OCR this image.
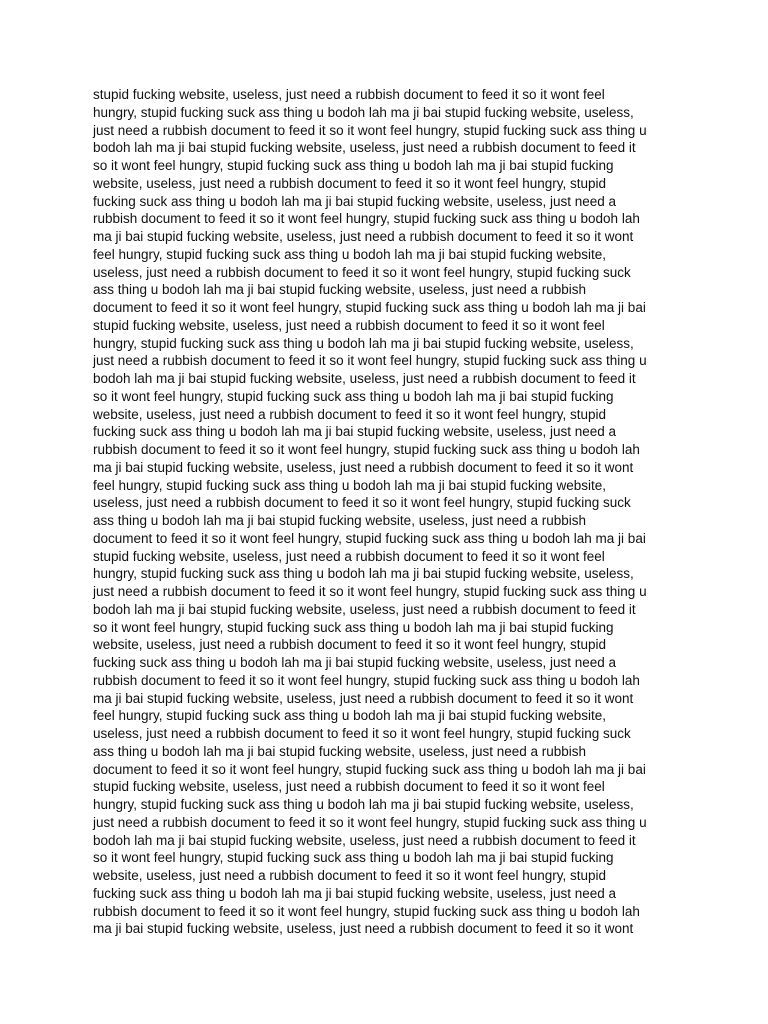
stupid fucking website, useless, just need a rubbish document to feed it so it wont feel
hungry, stupid fucking suck ass thing u bodoh lah ma ji bai stupid fucking website, useless,
just need a rubbish document to feed it so it wont feel hungry, stupid fucking suck ass thing u
bodoh lah ma ji bai stupid fucking website, useless, just need a rubbish document to feed it
so it wont feel hungry, stupid fucking suck ass thing u bodoh lah ma ji bai stupid fucking
website, useless, just need a rubbish document to feed it so it wont feel hungry, stupid
fucking suck ass thing u bodoh lah ma ji bai stupid fucking website, useless, just need a
rubbish document to feed it so it wont feel hungry, stupid fucking suck ass thing u bodoh lah
ma ji bai stupid fucking website, useless, just need a rubbish document to feed it so it wont
feel hungry, stupid fucking suck ass thing u bodoh lah ma ji bai stupid fucking website,
useless, just need a rubbish document to feed it so it wont feel hungry, stupid fucking suck
ass thing u bodoh lah ma ji bai stupid fucking website, useless, just need a rubbish
document to feed it so it wont feel hungry, stupid fucking suck ass thing u bodoh lah ma ji bai
stupid fucking website, useless, just need a rubbish document to feed it so it wont feel
hungry, stupid fucking suck ass thing u bodoh lah ma ji bai stupid fucking website, useless,
just need a rubbish document to feed it so it wont feel hungry, stupid fucking suck ass thing u
bodoh lah ma ji bai stupid fucking website, useless, just need a rubbish document to feed it
so it wont feel hungry, stupid fucking suck ass thing u bodoh lah ma ji bai stupid fucking
website, useless, just need a rubbish document to feed it so it wont feel hungry, stupid
fucking suck ass thing u bodoh lah ma ji bai stupid fucking website, useless, just need a
rubbish document to feed it so it wont feel hungry, stupid fucking suck ass thing u bodoh lah
ma ji bai stupid fucking website, useless, just need a rubbish document to feed it so it wont
feel hungry, stupid fucking suck ass thing u bodoh lah ma ji bai stupid fucking website,
useless, just need a rubbish document to feed it so it wont feel hungry, stupid fucking suck
ass thing u bodoh lah ma ji bai stupid fucking website, useless, just need a rubbish
document to feed it so it wont feel hungry, stupid fucking suck ass thing u bodoh lah ma ji bai
stupid fucking website, useless, just need a rubbish document to feed it so it wont feel
hungry, stupid fucking suck ass thing u bodoh lah ma ji bai stupid fucking website, useless,
just need a rubbish document to feed it so it wont feel hungry, stupid fucking suck ass thing u
bodoh lah ma ji bai stupid fucking website, useless, just need a rubbish document to feed it
so it wont feel hungry, stupid fucking suck ass thing u bodoh lah ma ji bai stupid fucking
website, useless, just need a rubbish document to feed it so it wont feel hungry, stupid
fucking suck ass thing u bodoh lah ma ji bai stupid fucking website, useless, just need a
rubbish document to feed it so it wont feel hungry, stupid fucking suck ass thing u bodoh lah
ma ji bai stupid fucking website, useless, just need a rubbish document to feed it so it wont
feel hungry, stupid fucking suck ass thing u bodoh lah ma ji bai stupid fucking website,
useless, just need a rubbish document to feed it so it wont feel hungry, stupid fucking suck
ass thing u bodoh lah ma ji bai stupid fucking website, useless, just need a rubbish
document to feed it so it wont feel hungry, stupid fucking suck ass thing u bodoh lah ma ji bai
stupid fucking website, useless, just need a rubbish document to feed it so it wont feel
hungry, stupid fucking suck ass thing u bodoh lah ma ji bai stupid fucking website, useless,
just need a rubbish document to feed it so it wont feel hungry, stupid fucking suck ass thing u
bodoh lah ma ji bai stupid fucking website, useless, just need a rubbish document to feed it
so it wont feel hungry, stupid fucking suck ass thing u bodoh lah ma ji bai stupid fucking
website, useless, just need a rubbish document to feed it so it wont feel hungry, stupid
fucking suck ass thing u bodoh lah ma ji bai stupid fucking website, useless, just need a
rubbish document to feed it so it wont feel hungry, stupid fucking suck ass thing u bodoh lah
ma ji bai stupid fucking website, useless, just need a rubbish document to feed it so it wont
